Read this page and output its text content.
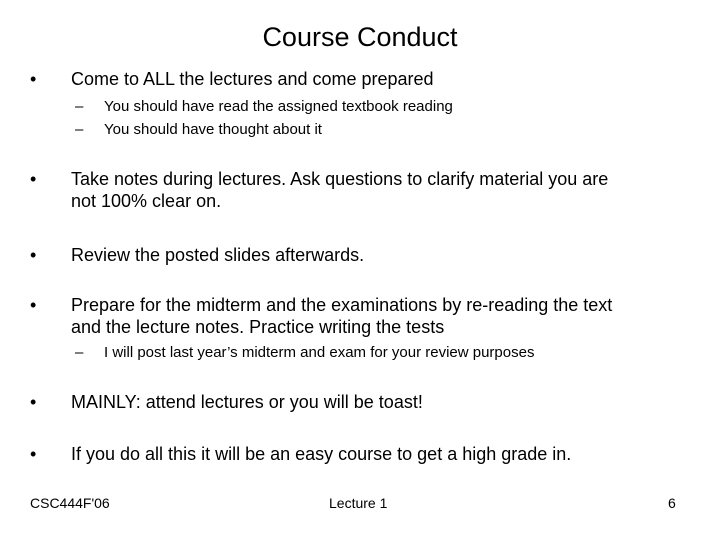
Course Conduct
• Come to ALL the lectures and come prepared
– You should have read the assigned textbook reading
– You should have thought about it
• Take notes during lectures. Ask questions to clarify material you are
not 100% clear on.
• Review the posted slides afterwards.
• Prepare for the midterm and the examinations by re-reading the text
and the lecture notes. Practice writing the tests
– I will post last year’s midterm and exam for your review purposes
• MAINLY: attend lectures or you will be toast!
• If you do all this it will be an easy course to get a high grade in.
CSC444F'06	Lecture 1	6
